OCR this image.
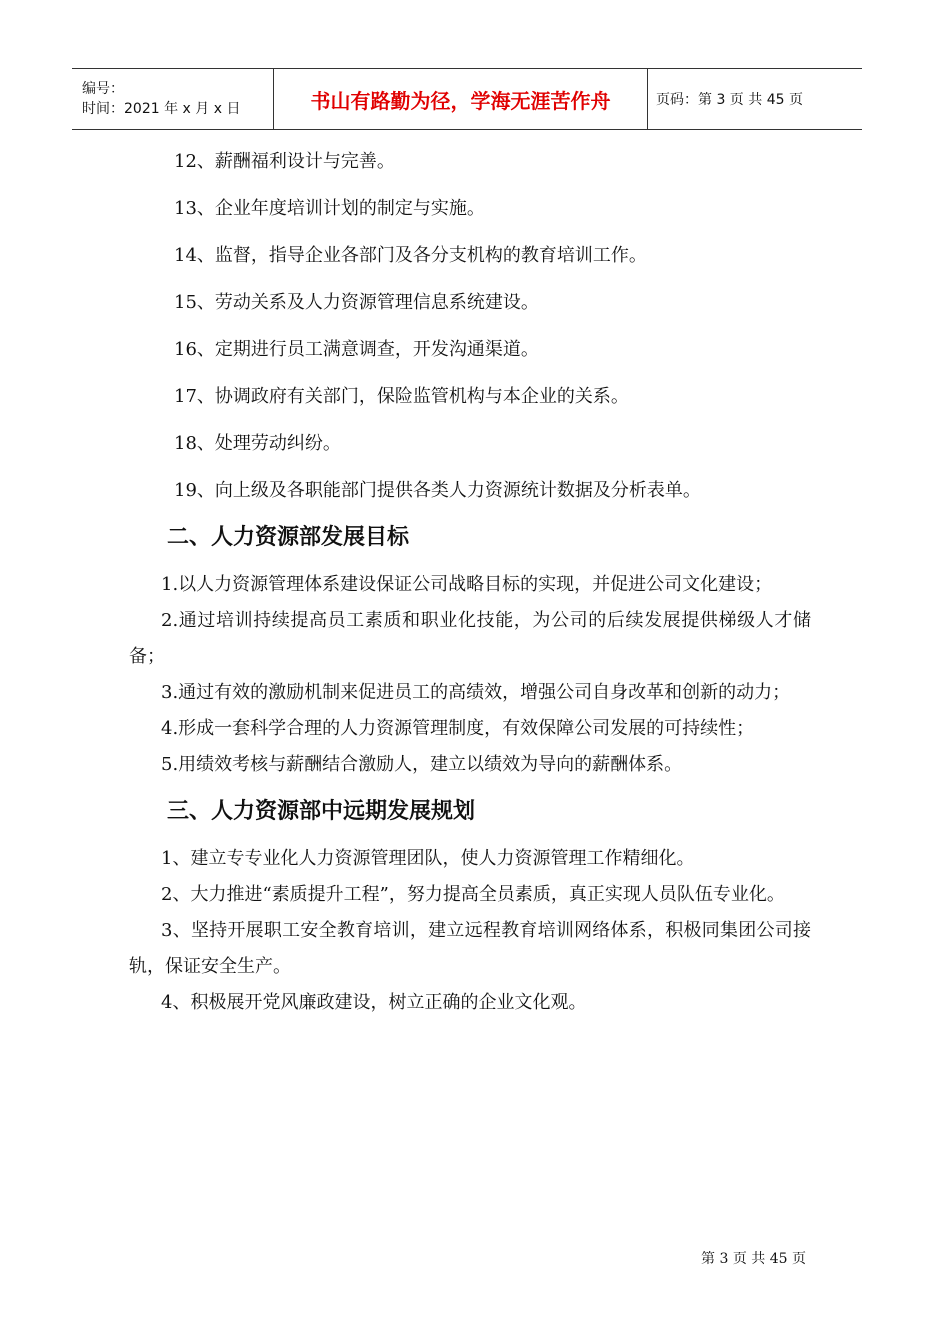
编号：
时间：2021 年 x 月 x 日	书山有路勤为径，学海无涯苦作舟	页码：第 3 页 共 45 页

12、薪酬福利设计与完善。

13、企业年度培训计划的制定与实施。

14、监督，指导企业各部门及各分支机构的教育培训工作。

15、劳动关系及人力资源管理信息系统建设。

16、定期进行员工满意调查，开发沟通渠道。

17、协调政府有关部门，保险监管机构与本企业的关系。

18、处理劳动纠纷。

19、向上级及各职能部门提供各类人力资源统计数据及分析表单。

二、人力资源部发展目标

1.以人力资源管理体系建设保证公司战略目标的实现，并促进公司文化建设；

2.通过培训持续提高员工素质和职业化技能，为公司的后续发展提供梯级人才储备；

3.通过有效的激励机制来促进员工的高绩效，增强公司自身改革和创新的动力；

4.形成一套科学合理的人力资源管理制度，有效保障公司发展的可持续性；

5.用绩效考核与薪酬结合激励人，建立以绩效为导向的薪酬体系。

三、人力资源部中远期发展规划

1、建立专专业化人力资源管理团队，使人力资源管理工作精细化。

2、大力推进“素质提升工程”，努力提高全员素质，真正实现人员队伍专业化。

3、坚持开展职工安全教育培训，建立远程教育培训网络体系，积极同集团公司接轨，保证安全生产。

4、积极展开党风廉政建设，树立正确的企业文化观。

第 3 页 共 45 页
